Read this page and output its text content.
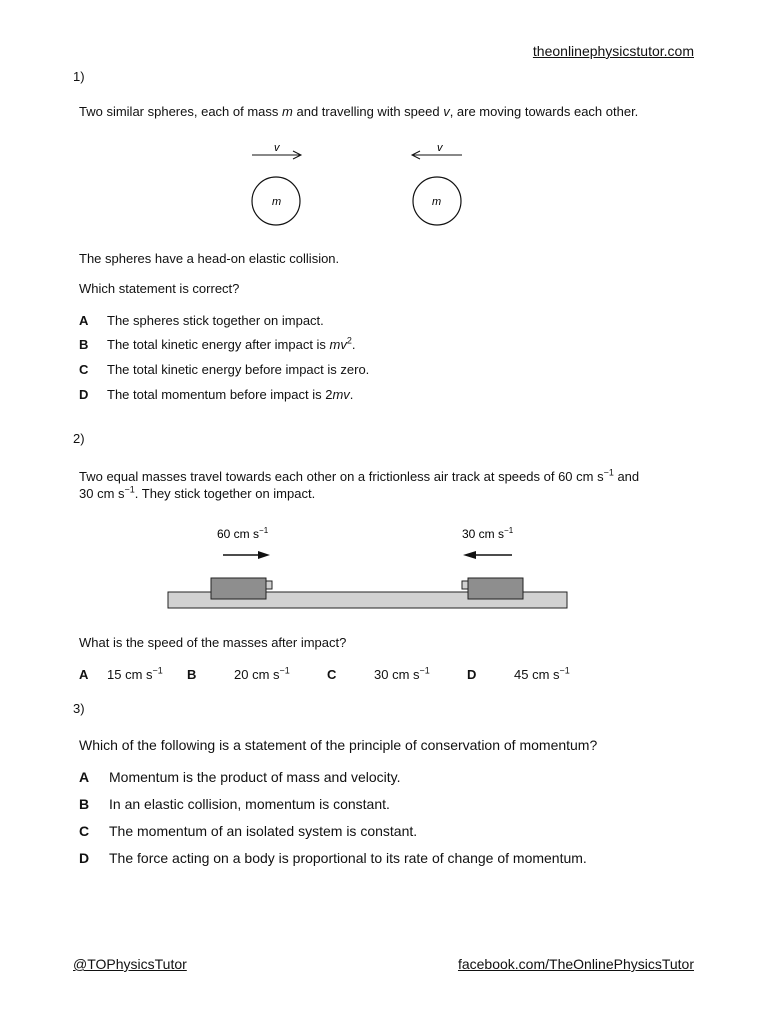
theonlinephysicstutor.com
1)
Two similar spheres, each of mass m and travelling with speed v, are moving towards each other.
v	v
m	m
The spheres have a head-on elastic collision.
Which statement is correct?
A The spheres stick together on impact.
B The total kinetic energy after impact is $mv^2$.
C The total kinetic energy before impact is zero.
D The total momentum before impact is 2mv.
2)
Two equal masses travel towards each other on a frictionless air track at speeds of 60 cm $s^{-1}$ and
30 cm $s^{-1}$. They stick together on impact.
60 cm $s^{-1}$	30 cm $s^{-1}$
What is the speed of the masses after impact?
A 15 cm $s^{-1}$ B	20 cm $s^{-1}$	C	30 cm $s^{-1}$	D	45 cm $s^{-1}$
3)
Which of the following is a statement of the principle of conservation of momentum?
A Momentum is the product of mass and velocity.
B In an elastic collision, momentum is constant.
C The momentum of an isolated system is constant.
D The force acting on a body is proportional to its rate of change of momentum.
@TOPhysicsTutor	facebook.com/TheOnlinePhysicsTutor
